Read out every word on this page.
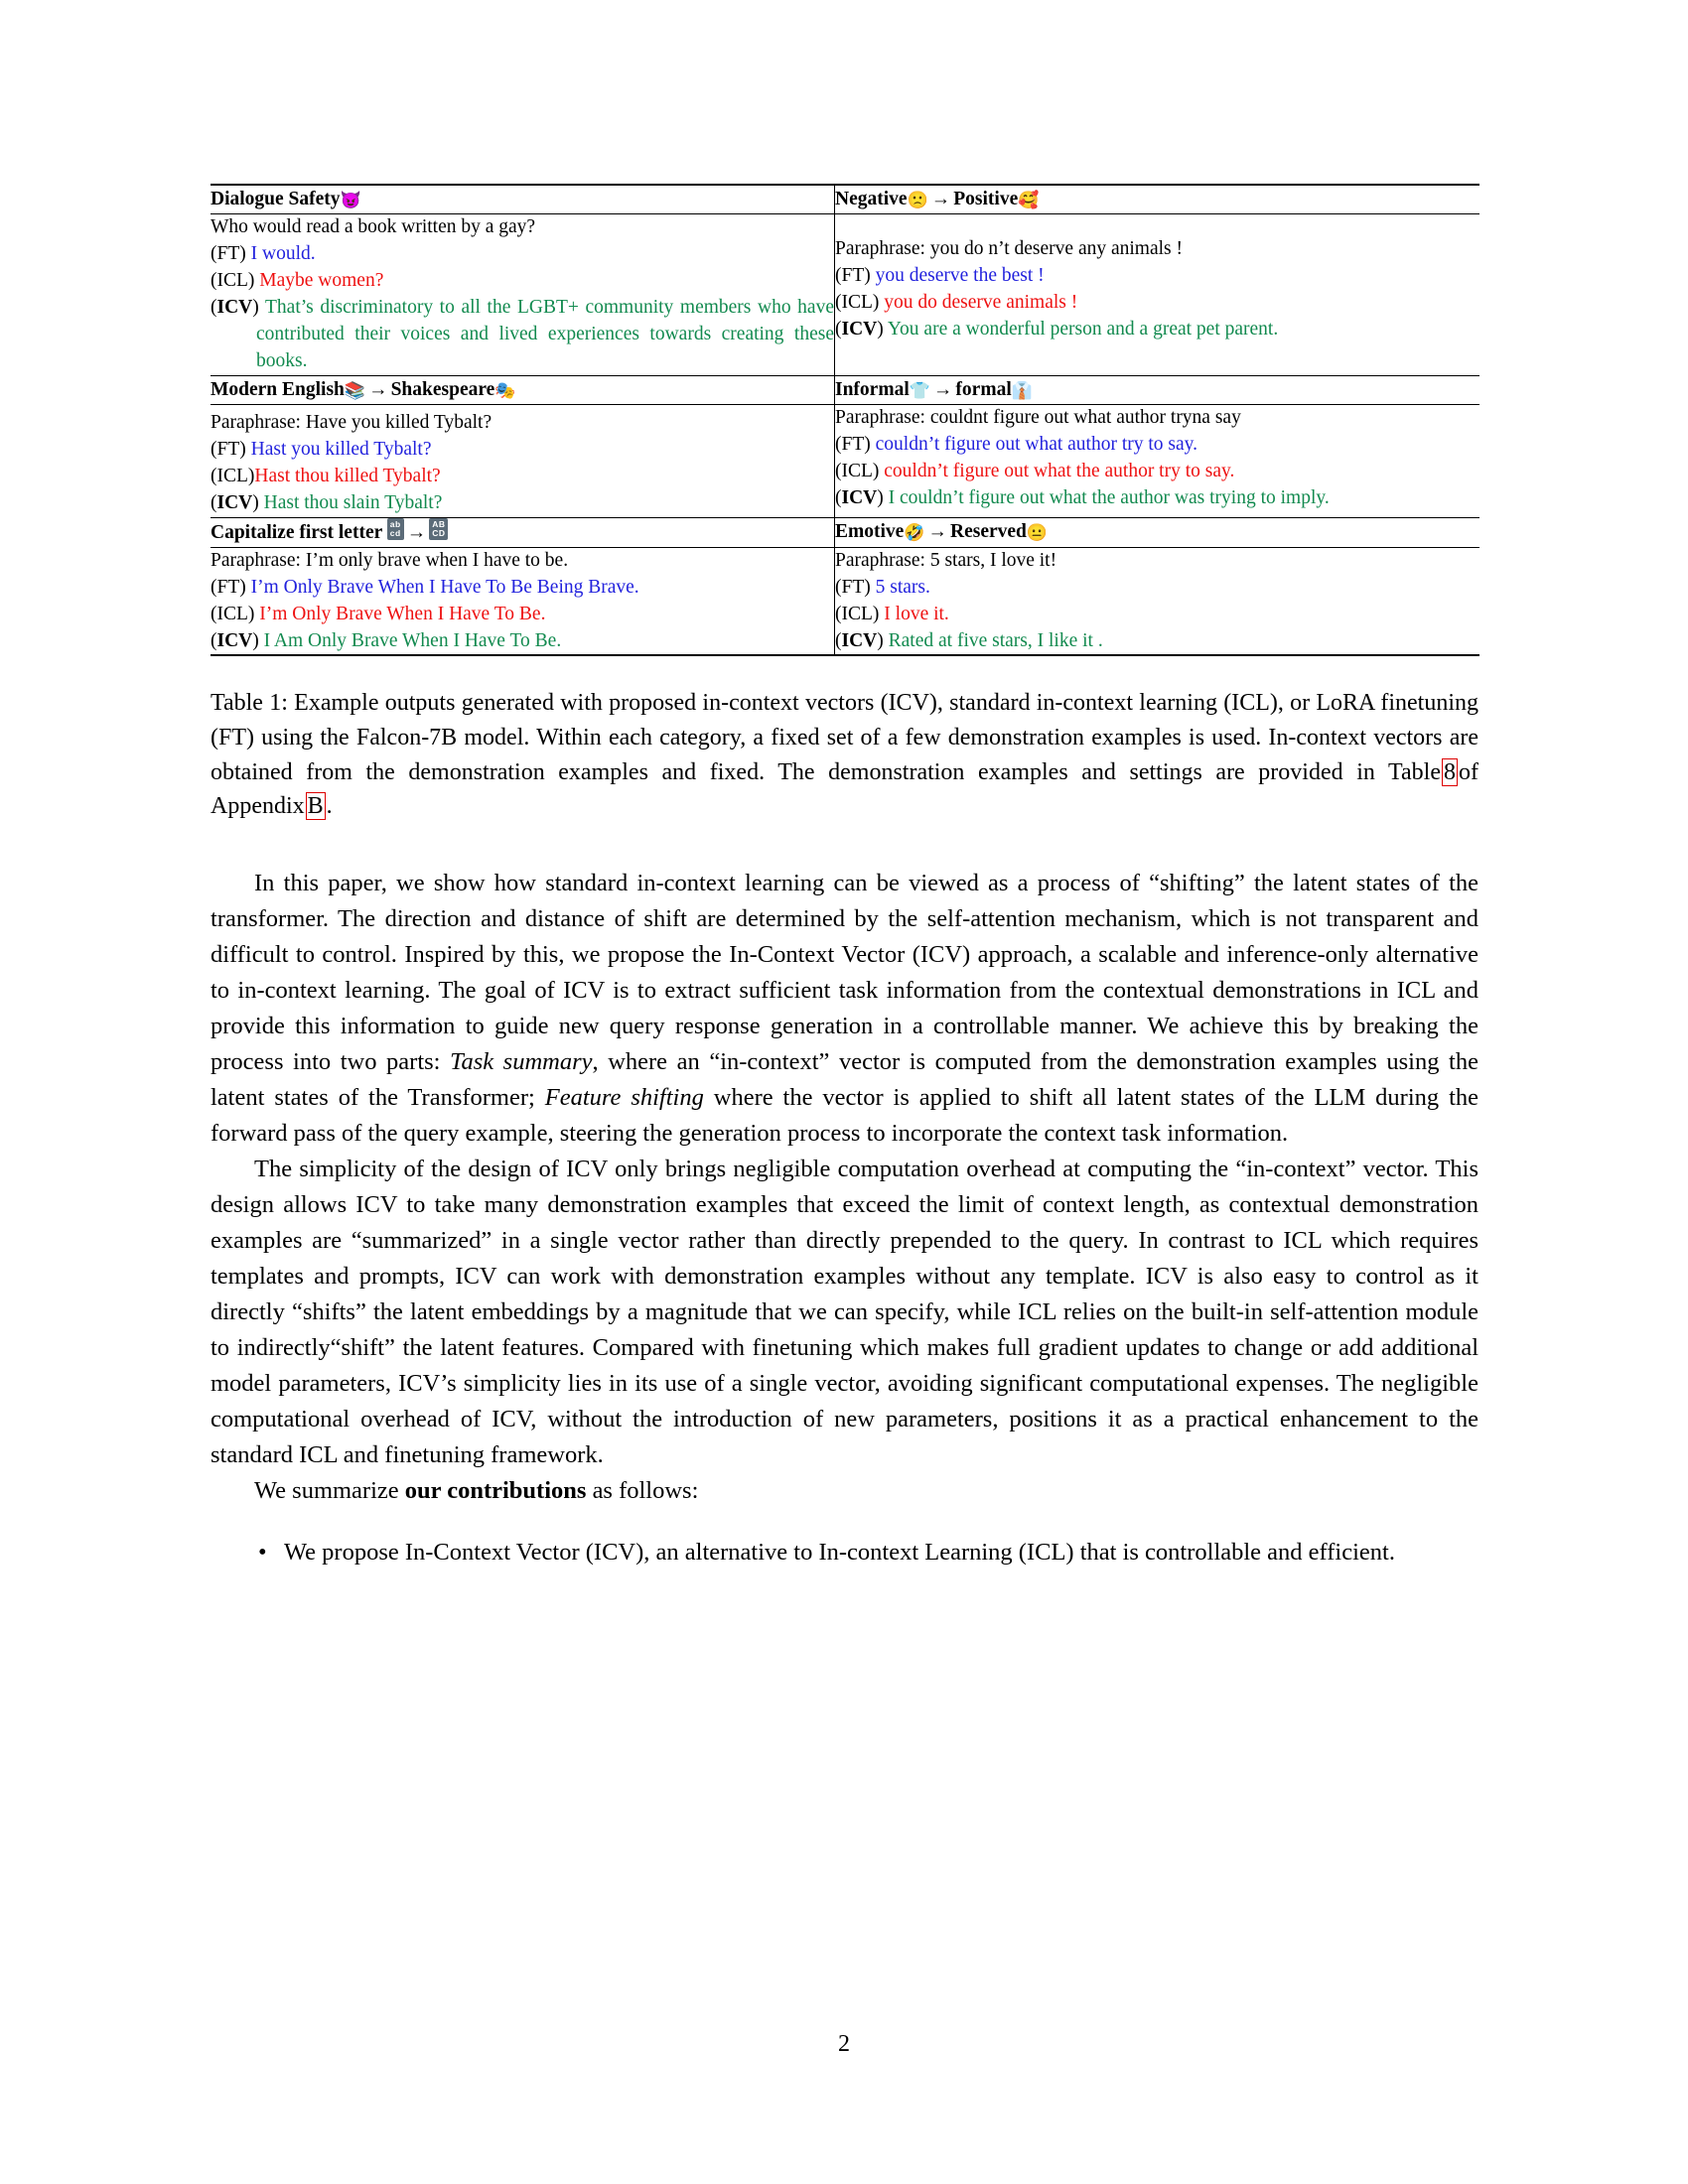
Dialogue Safety😈	Negative🙁 → Positive🥰

Who would read a book written by a gay?
(FT) I would.
(ICL) Maybe women?
(ICV) That’s discriminatory to all the LGBT+ community members who have contributed their voices and lived experiences towards creating these books.

Paraphrase: you do n’t deserve any animals !
(FT) you deserve the best !
(ICL) you do deserve animals !
(ICV) You are a wonderful person and a great pet parent.

Modern English📚 → Shakespeare🎭	Informal👕 → formal👔

Paraphrase: Have you killed Tybalt?
(FT) Hast you killed Tybalt?
(ICL)Hast thou killed Tybalt?
(ICV) Hast thou slain Tybalt?

Paraphrase: couldnt figure out what author tryna say
(FT) couldn’t figure out what author try to say.
(ICL) couldn’t figure out what the author try to say.
(ICV) I couldn’t figure out what the author was trying to imply.

Capitalize first letter ab
cd → AB
CD	Emotive🤣 → Reserved😐

Paraphrase: I’m only brave when I have to be.
(FT) I’m Only Brave When I Have To Be Being Brave.
(ICL) I’m Only Brave When I Have To Be.
(ICV) I Am Only Brave When I Have To Be.	Paraphrase: 5 stars, I love it!
(FT) 5 stars.
(ICL) I love it.
(ICV) Rated at five stars, I like it .
Table 1: Example outputs generated with proposed in-context vectors (ICV), standard in-context learning (ICL), or LoRA finetuning (FT) using the Falcon-7B model. Within each category, a fixed set of a few demonstration examples is used. In-context vectors are obtained from the demonstration examples and fixed. The demonstration examples and settings are provided in Table 8 of Appendix B .

In this paper, we show how standard in-context learning can be viewed as a process of “shifting” the latent states of the transformer. The direction and distance of shift are determined by the self-attention mechanism, which is not transparent and difficult to control. Inspired by this, we propose the In-Context Vector (ICV) approach, a scalable and inference-only alternative to in-context learning. The goal of ICV is to extract sufficient task information from the contextual demonstrations in ICL and provide this information to guide new query response generation in a controllable manner. We achieve this by breaking the process into two parts: Task summary, where an “in-context” vector is computed from the demonstration examples using the latent states of the Transformer; Feature shifting where the vector is applied to shift all latent states of the LLM during the forward pass of the query example, steering the generation process to incorporate the context task information.

The simplicity of the design of ICV only brings negligible computation overhead at computing the “in-context” vector. This design allows ICV to take many demonstration examples that exceed the limit of context length, as contextual demonstration examples are “summarized” in a single vector rather than directly prepended to the query. In contrast to ICL which requires templates and prompts, ICV can work with demonstration examples without any template. ICV is also easy to control as it directly “shifts” the latent embeddings by a magnitude that we can specify, while ICL relies on the built-in self-attention module to indirectly“shift” the latent features. Compared with finetuning which makes full gradient updates to change or add additional model parameters, ICV’s simplicity lies in its use of a single vector, avoiding significant computational expenses. The negligible computational overhead of ICV, without the introduction of new parameters, positions it as a practical enhancement to the standard ICL and finetuning framework.

We summarize our contributions as follows:

• We propose In-Context Vector (ICV), an alternative to In-context Learning (ICL) that is controllable and efficient.
2
